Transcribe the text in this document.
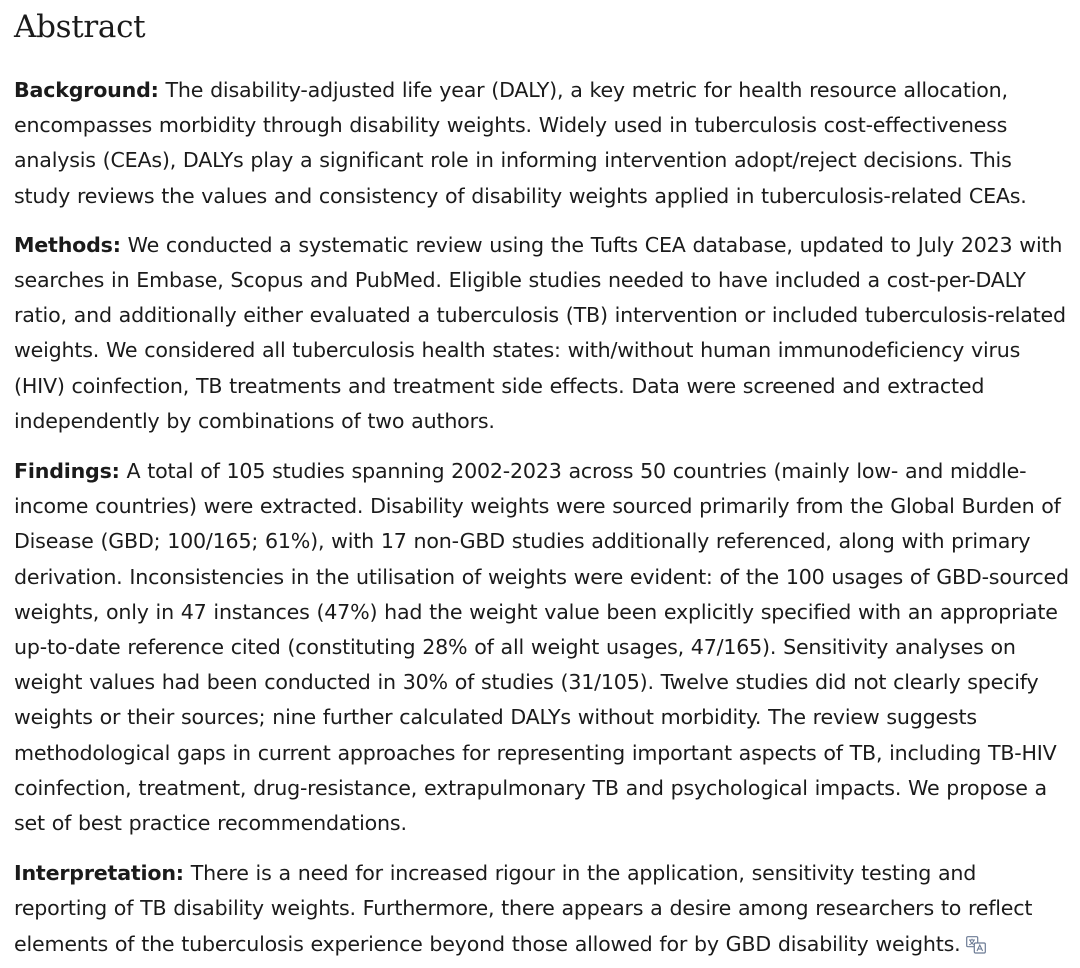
Abstract

Background: The disability-adjusted life year (DALY), a key metric for health resource allocation, encompasses morbidity through disability weights. Widely used in tuberculosis cost-effectiveness analysis (CEAs), DALYs play a significant role in informing intervention adopt/reject decisions. This study reviews the values and consistency of disability weights applied in tuberculosis-related CEAs.

Methods: We conducted a systematic review using the Tufts CEA database, updated to July 2023 with searches in Embase, Scopus and PubMed. Eligible studies needed to have included a cost-per-DALY ratio, and additionally either evaluated a tuberculosis (TB) intervention or included tuberculosis-related weights. We considered all tuberculosis health states: with/without human immunodeficiency virus (HIV) coinfection, TB treatments and treatment side effects. Data were screened and extracted independently by combinations of two authors.

Findings: A total of 105 studies spanning 2002-2023 across 50 countries (mainly low- and middle-income countries) were extracted. Disability weights were sourced primarily from the Global Burden of Disease (GBD; 100/165; 61%), with 17 non-GBD studies additionally referenced, along with primary derivation. Inconsistencies in the utilisation of weights were evident: of the 100 usages of GBD-sourced weights, only in 47 instances (47%) had the weight value been explicitly specified with an appropriate up-to-date reference cited (constituting 28% of all weight usages, 47/165). Sensitivity analyses on weight values had been conducted in 30% of studies (31/105). Twelve studies did not clearly specify weights or their sources; nine further calculated DALYs without morbidity. The review suggests methodological gaps in current approaches for representing important aspects of TB, including TB-HIV coinfection, treatment, drug-resistance, extrapulmonary TB and psychological impacts. We propose a set of best practice recommendations.

Interpretation: There is a need for increased rigour in the application, sensitivity testing and reporting of TB disability weights. Furthermore, there appears a desire among researchers to reflect elements of the tuberculosis experience beyond those allowed for by GBD disability weights.
